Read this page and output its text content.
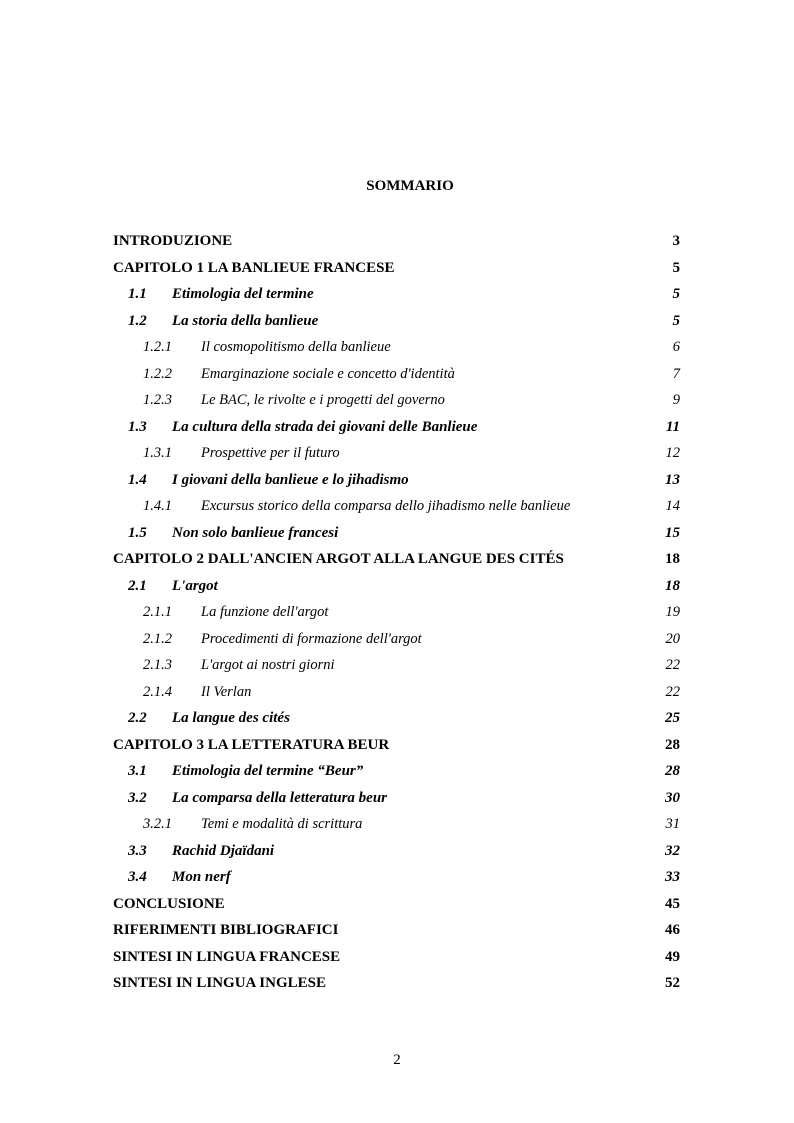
SOMMARIO
INTRODUZIONE	3
CAPITOLO 1 LA BANLIEUE FRANCESE	5
1.1 Etimologia del termine	5
1.2 La storia della banlieue	5
1.2.1 Il cosmopolitismo della banlieue	6
1.2.2 Emarginazione sociale e concetto d'identità	7
1.2.3 Le BAC, le rivolte e i progetti del governo	9
1.3 La cultura della strada dei giovani delle Banlieue	11
1.3.1 Prospettive per il futuro	12
1.4 I giovani della banlieue e lo jihadismo	13
1.4.1 Excursus storico della comparsa dello jihadismo nelle banlieue	14
1.5 Non solo banlieue francesi	15
CAPITOLO 2 DALL'ANCIEN ARGOT ALLA LANGUE DES CITÉS	18
2.1 L'argot	18
2.1.1 La funzione dell'argot	19
2.1.2 Procedimenti di formazione dell'argot	20
2.1.3 L'argot ai nostri giorni	22
2.1.4 Il Verlan	22
2.2 La langue des cités	25
CAPITOLO 3 LA LETTERATURA BEUR	28
3.1 Etimologia del termine “Beur”	28
3.2 La comparsa della letteratura beur	30
3.2.1 Temi e modalità di scrittura	31
3.3 Rachid Djaïdani	32
3.4 Mon nerf	33
CONCLUSIONE	45
RIFERIMENTI BIBLIOGRAFICI	46
SINTESI IN LINGUA FRANCESE	49
SINTESI IN LINGUA INGLESE	52
2
